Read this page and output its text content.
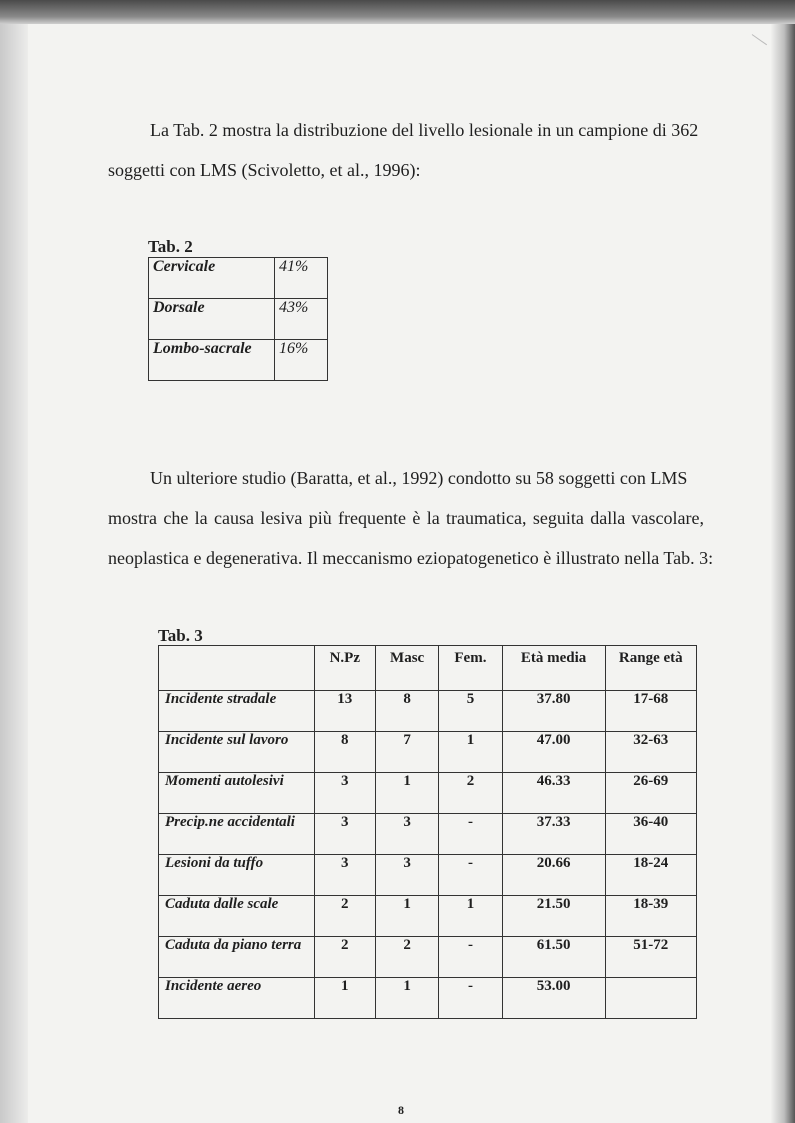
La Tab. 2 mostra la distribuzione del livello lesionale in un campione di 362
soggetti con LMS (Scivoletto, et al., 1996):

Tab. 2
Cervicale	41%
Dorsale	43%
Lombo-sacrale	16%

Un ulteriore studio (Baratta, et al., 1992) condotto su 58 soggetti con LMS
mostra che la causa lesiva più frequente è la traumatica, seguita dalla vascolare,
neoplastica e degenerativa. Il meccanismo eziopatogenetico è illustrato nella Tab. 3:

Tab. 3
	N.Pz	Masc	Fem.	Età media	Range età
Incidente stradale	13	8	5	37.80	17-68
Incidente sul lavoro	8	7	1	47.00	32-63
Momenti autolesivi	3	1	2	46.33	26-69
Precip.ne accidentali	3	3	-	37.33	36-40
Lesioni da tuffo	3	3	-	20.66	18-24
Caduta dalle scale	2	1	1	21.50	18-39
Caduta da piano terra	2	2	-	61.50	51-72
Incidente aereo	1	1	-	53.00	
8
